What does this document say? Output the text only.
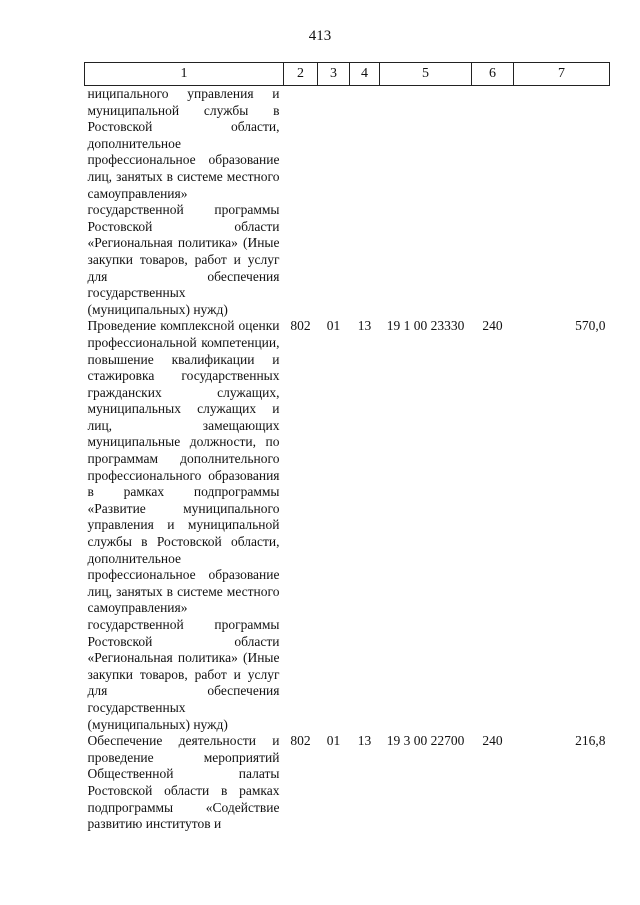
413
1	2	3	4	5	6	7
ниципального управления и муниципальной службы в Ростовской области, дополнительное профессиональное образование лиц, занятых в системе местного самоуправления» государственной программы Ростовской области «Региональная политика» (Иные закупки товаров, работ и услуг для обеспечения государственных (муниципальных) нужд)						
Проведение комплексной оценки профессиональной компетенции, повышение квалификации и стажировка государственных гражданских служащих, муниципальных служащих и лиц, замещающих муниципальные должности, по программам дополнительного профессионального образования в рамках подпрограммы «Развитие муниципального управления и муниципальной службы в Ростовской области, дополнительное профессиональное образование лиц, занятых в системе местного самоуправления» государственной программы Ростовской области «Региональная политика» (Иные закупки товаров, работ и услуг для обеспечения государственных (муниципальных) нужд)	802	01	13	19 1 00 23330	240	570,0
Обеспечение деятельности и проведение мероприятий Общественной палаты Ростовской области в рамках подпрограммы «Содействие развитию институтов и	802	01	13	19 3 00 22700	240	216,8
